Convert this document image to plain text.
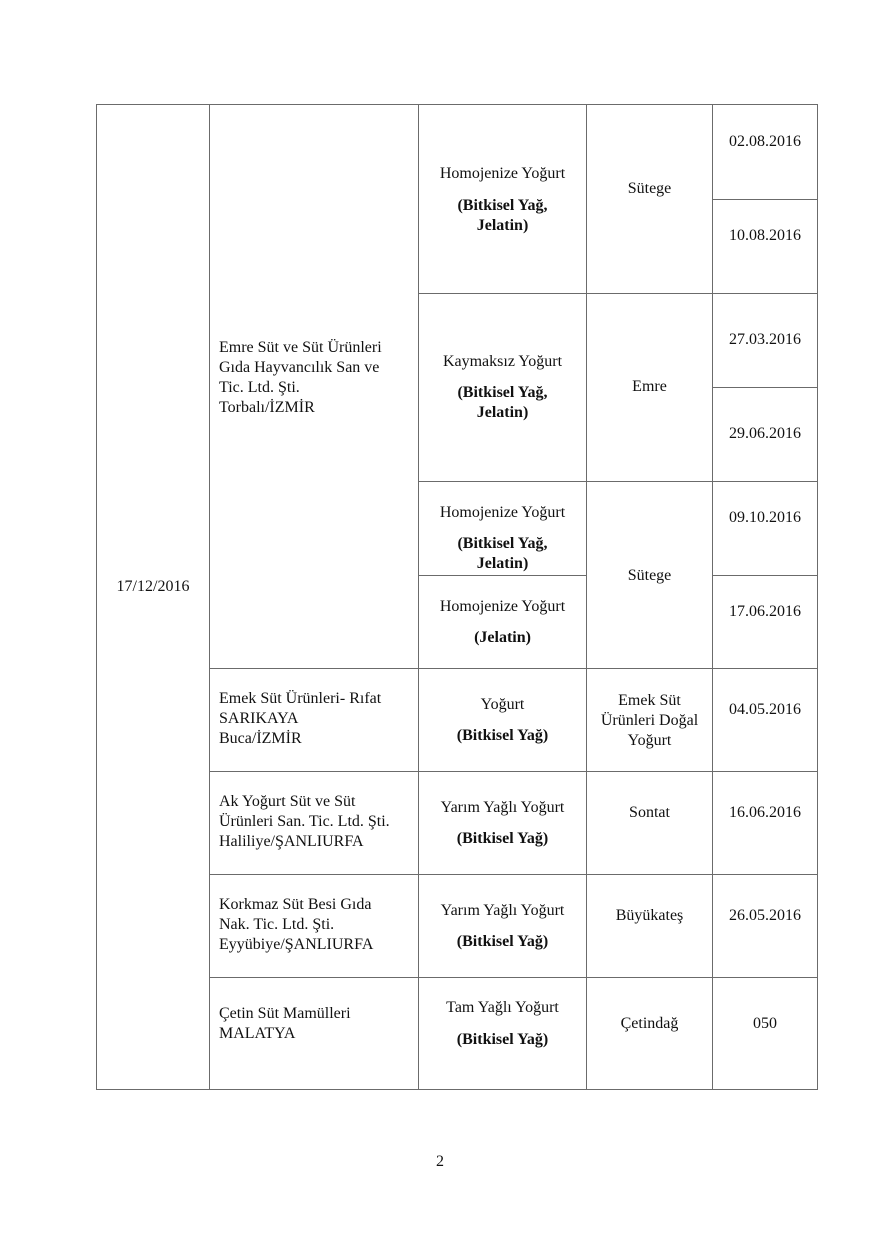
17/12/2016
Emre Süt ve Süt Ürünleri
Gıda Hayvancılık San ve
Tic. Ltd. Şti.
Torbalı/İZMİR
Emek Süt Ürünleri- Rıfat
SARIKAYA
Buca/İZMİR
Ak Yoğurt Süt ve Süt
Ürünleri San. Tic. Ltd. Şti.
Haliliye/ŞANLIURFA
Korkmaz Süt Besi Gıda
Nak. Tic. Ltd. Şti.
Eyyübiye/ŞANLIURFA
Çetin Süt Mamülleri
MALATYA
Homojenize Yoğurt
(Bitkisel Yağ,
Jelatin)
Kaymaksız Yoğurt
(Bitkisel Yağ,
Jelatin)
Homojenize Yoğurt
(Bitkisel Yağ,
Jelatin)
Homojenize Yoğurt
(Jelatin)
Yoğurt
(Bitkisel Yağ)
Yarım Yağlı Yoğurt
(Bitkisel Yağ)
Yarım Yağlı Yoğurt
(Bitkisel Yağ)
Tam Yağlı Yoğurt
(Bitkisel Yağ)
Sütege
Emre
Sütege
Emek Süt
Ürünleri Doğal
Yoğurt
Sontat
Büyükateş
Çetindağ
02.08.2016
10.08.2016
27.03.2016
29.06.2016
09.10.2016
17.06.2016
04.05.2016
16.06.2016
26.05.2016
050
2
